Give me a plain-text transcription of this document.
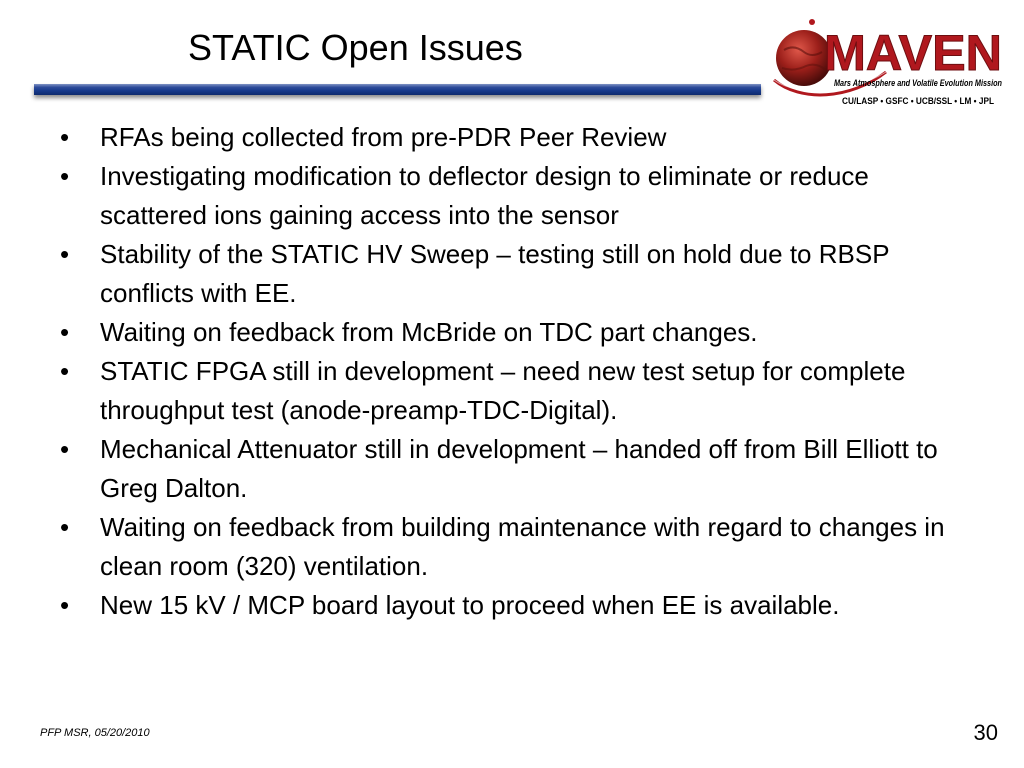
STATIC Open Issues	MAVEN
Mars Atmosphere and Volatile Evolution Mission
CU/LASP • GSFC • UCB/SSL • LM • JPL
• RFAs being collected from pre-PDR Peer Review
• Investigating modification to deflector design to eliminate or reduce scattered ions gaining access into the sensor
• Stability of the STATIC HV Sweep – testing still on hold due to RBSP conflicts with EE.
• Waiting on feedback from McBride on TDC part changes.
• STATIC FPGA still in development – need new test setup for complete throughput test (anode-preamp-TDC-Digital).
• Mechanical Attenuator still in development – handed off from Bill Elliott to Greg Dalton.
• Waiting on feedback from building maintenance with regard to changes in clean room (320) ventilation.
• New 15 kV / MCP board layout to proceed when EE is available.
PFP MSR, 05/20/2010	30
